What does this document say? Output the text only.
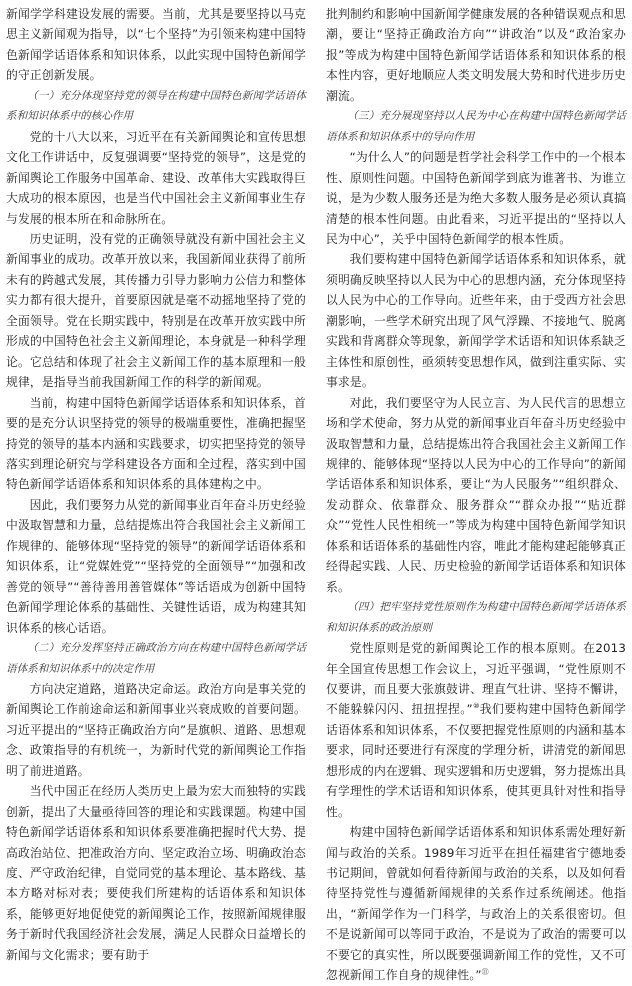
新闻学学科建设发展的需要。当前，尤其是要坚持以马克思主义新闻观为指导，以“七个坚持”为引领来构建中国特色新闻学话语体系和知识体系，以此实现中国特色新闻学的守正创新发展。

（一）充分体现坚持党的领导在构建中国特色新闻学话语体系和知识体系中的核心作用

党的十八大以来，习近平在有关新闻舆论和宣传思想文化工作讲话中，反复强调要“坚持党的领导”，这是党的新闻舆论工作服务中国革命、建设、改革伟大实践取得巨大成功的根本原因，也是当代中国社会主义新闻事业生存与发展的根本所在和命脉所在。

历史证明，没有党的正确领导就没有新中国社会主义新闻事业的成功。改革开放以来，我国新闻业获得了前所未有的跨越式发展，其传播力引导力影响力公信力和整体实力都有很大提升，首要原因就是毫不动摇地坚持了党的全面领导。党在长期实践中，特别是在改革开放实践中所形成的中国特色社会主义新闻理论，本身就是一种科学理论。它总结和体现了社会主义新闻工作的基本原理和一般规律，是指导当前我国新闻工作的科学的新闻观。

当前，构建中国特色新闻学话语体系和知识体系，首要的是充分认识坚持党的领导的极端重要性，准确把握坚持党的领导的基本内涵和实践要求，切实把坚持党的领导落实到理论研究与学科建设各方面和全过程，落实到中国特色新闻学话语体系和知识体系的具体建构之中。

因此，我们要努力从党的新闻事业百年奋斗历史经验中汲取智慧和力量，总结提炼出符合我国社会主义新闻工作规律的、能够体现“坚持党的领导”的新闻学话语体系和知识体系，让“党媒姓党”“坚持党的全面领导”“加强和改善党的领导”“善待善用善管媒体”等话语成为创新中国特色新闻学理论体系的基础性、关键性话语，成为构建其知识体系的核心话语。

（二）充分发挥坚持正确政治方向在构建中国特色新闻学话语体系和知识体系中的决定作用

方向决定道路，道路决定命运。政治方向是事关党的新闻舆论工作前途命运和新闻事业兴衰成败的首要问题。习近平提出的“坚持正确政治方向”是旗帜、道路、思想观念、政策指导的有机统一，为新时代党的新闻舆论工作指明了前进道路。

当代中国正在经历人类历史上最为宏大而独特的实践创新，提出了大量亟待回答的理论和实践课题。构建中国特色新闻学话语体系和知识体系要准确把握时代大势、提高政治站位、把准政治方向、坚定政治立场、明确政治态度、严守政治纪律，自觉同党的基本理论、基本路线、基本方略对标对表；要使我们所建构的话语体系和知识体系，能够更好地促使党的新闻舆论工作，按照新闻规律服务于新时代我国经济社会发展，满足人民群众日益增长的新闻与文化需求；要有助于

批判制约和影响中国新闻学健康发展的各种错误观点和思潮，要让“坚持正确政治方向”“讲政治”以及“政治家办报”等成为构建中国特色新闻学话语体系和知识体系的根本性内容，更好地顺应人类文明发展大势和时代进步历史潮流。

（三）充分展现坚持以人民为中心在构建中国特色新闻学话语体系和知识体系中的导向作用

“为什么人”的问题是哲学社会科学工作中的一个根本性、原则性问题。中国特色新闻学到底为谁著书、为谁立说，是为少数人服务还是为绝大多数人服务是必须认真搞清楚的根本性问题。由此看来，习近平提出的“坚持以人民为中心”，关乎中国特色新闻学的根本性质。

我们要构建中国特色新闻学话语体系和知识体系，就须明确反映坚持以人民为中心的思想内涵，充分体现坚持以人民为中心的工作导向。近些年来，由于受西方社会思潮影响，一些学术研究出现了风气浮躁、不接地气、脱离实践和背离群众等现象，新闻学学术话语和知识体系缺乏主体性和原创性，亟须转变思想作风，做到注重实际、实事求是。

对此，我们要坚守为人民立言、为人民代言的思想立场和学术使命，努力从党的新闻事业百年奋斗历史经验中汲取智慧和力量，总结提炼出符合我国社会主义新闻工作规律的、能够体现“坚持以人民为中心的工作导向”的新闻学话语体系和知识体系，要让“为人民服务”“组织群众、发动群众、依靠群众、服务群众”“群众办报”“贴近群众”“党性人民性相统一”等成为构建中国特色新闻学知识体系和话语体系的基础性内容，唯此才能构建起能够真正经得起实践、人民、历史检验的新闻学话语体系和知识体系。

（四）把牢坚持党性原则作为构建中国特色新闻学话语体系和知识体系的政治原则

党性原则是党的新闻舆论工作的根本原则。在2013年全国宣传思想工作会议上，习近平强调，“党性原则不仅要讲，而且要大张旗鼓讲、理直气壮讲、坚持不懈讲，不能躲躲闪闪、扭扭捏捏。”⑩我们要构建中国特色新闻学话语体系和知识体系，不仅要把握党性原则的内涵和基本要求，同时还要进行有深度的学理分析，讲清党的新闻思想形成的内在逻辑、现实逻辑和历史逻辑，努力提炼出具有学理性的学术话语和知识体系，使其更具针对性和指导性。

构建中国特色新闻学话语体系和知识体系需处理好新闻与政治的关系。1989年习近平在担任福建省宁德地委书记期间，曾就如何看待新闻与政治的关系，以及如何看待坚持党性与遵循新闻规律的关系作过系统阐述。他指出，“新闻学作为一门科学，与政治上的关系很密切。但不是说新闻可以等同于政治，不是说为了政治的需要可以不要它的真实性，所以既要强调新闻工作的党性，又不可忽视新闻工作自身的规律性。”⑪
